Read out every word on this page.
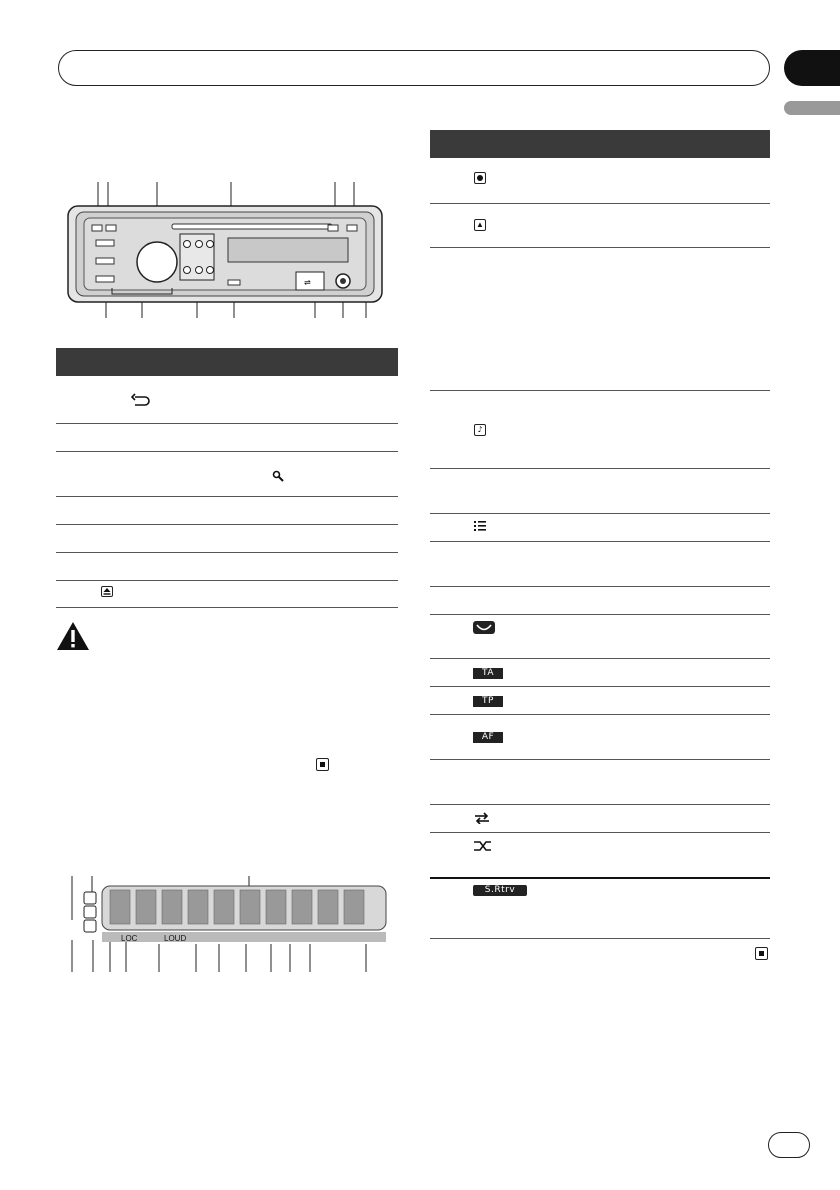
⇌
LOC	LOUD
▲
♪
TA
TP
AF
S.Rtrv
